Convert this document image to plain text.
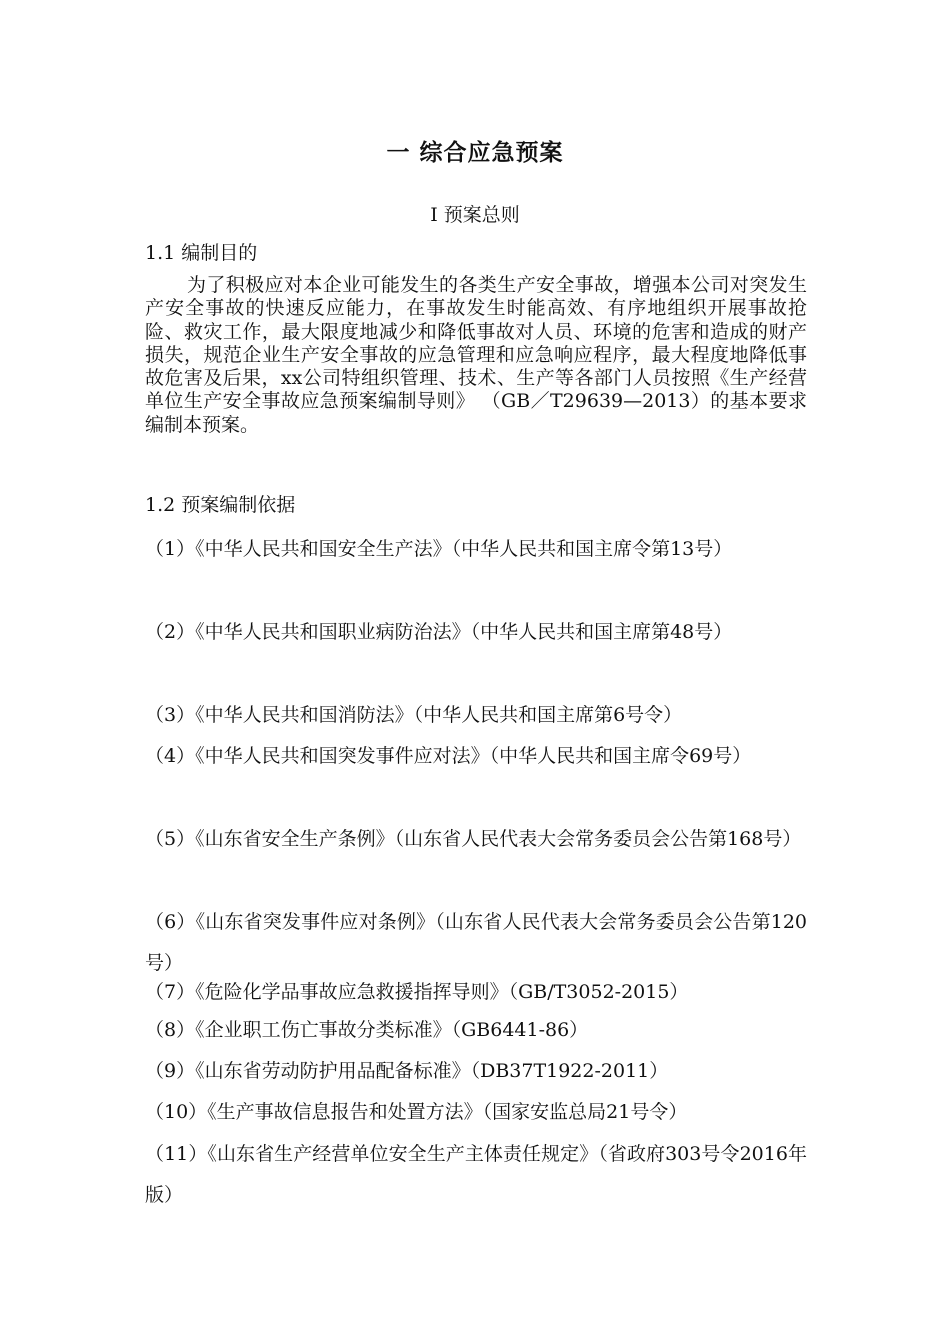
一 综合应急预案
Ⅰ 预案总则
1.1 编制目的
为了积极应对本企业可能发生的各类生产安全事故，增强本公司对突发生产安全事故的快速反应能力，在事故发生时能高效、有序地组织开展事故抢险、救灾工作，最大限度地减少和降低事故对人员、环境的危害和造成的财产损失，规范企业生产安全事故的应急管理和应急响应程序，最大程度地降低事故危害及后果，xx公司特组织管理、技术、生产等各部门人员按照《生产经营单位生产安全事故应急预案编制导则》 （GB／T29639—2013）的基本要求编制本预案。
1.2 预案编制依据
（1）《中华人民共和国安全生产法》（中华人民共和国主席令第13号）
（2）《中华人民共和国职业病防治法》（中华人民共和国主席第48号）
（3）《中华人民共和国消防法》（中华人民共和国主席第6号令）
（4）《中华人民共和国突发事件应对法》（中华人民共和国主席令69号）
（5）《山东省安全生产条例》（山东省人民代表大会常务委员会公告第168号）
（6）《山东省突发事件应对条例》（山东省人民代表大会常务委员会公告第120号）
（7）《危险化学品事故应急救援指挥导则》（GB/T3052-2015）
（8）《企业职工伤亡事故分类标准》（GB6441-86）
（9）《山东省劳动防护用品配备标准》（DB37T1922-2011）
（10）《生产事故信息报告和处置方法》（国家安监总局21号令）
（11）《山东省生产经营单位安全生产主体责任规定》（省政府303号令2016年版）
